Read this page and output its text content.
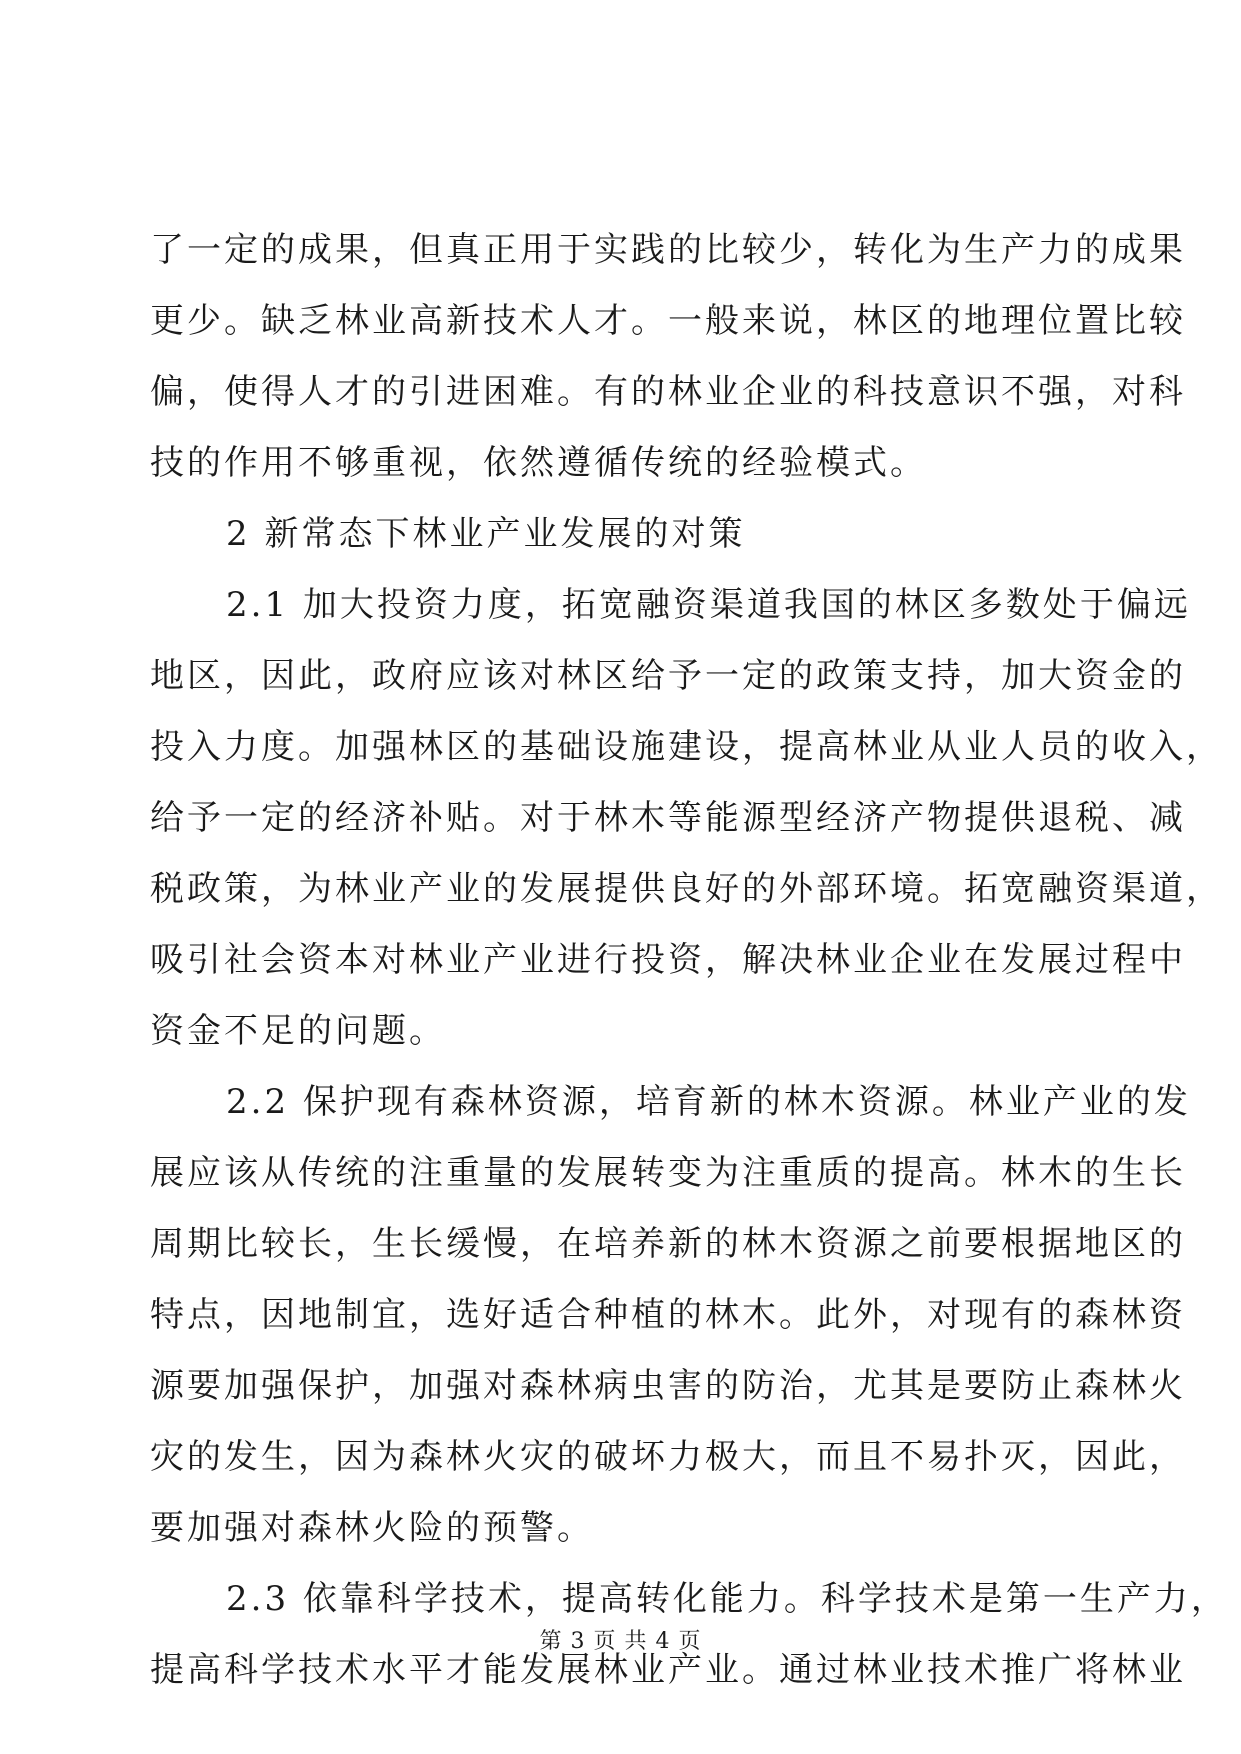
了一定的成果，但真正用于实践的比较少，转化为生产力的成果
更少。缺乏林业高新技术人才。一般来说，林区的地理位置比较
偏，使得人才的引进困难。有的林业企业的科技意识不强，对科
技的作用不够重视，依然遵循传统的经验模式。
2 新常态下林业产业发展的对策
2.1 加大投资力度，拓宽融资渠道我国的林区多数处于偏远
地区，因此，政府应该对林区给予一定的政策支持，加大资金的
投入力度。加强林区的基础设施建设，提高林业从业人员的收入，
给予一定的经济补贴。对于林木等能源型经济产物提供退税、减
税政策，为林业产业的发展提供良好的外部环境。拓宽融资渠道，
吸引社会资本对林业产业进行投资，解决林业企业在发展过程中
资金不足的问题。
2.2 保护现有森林资源，培育新的林木资源。林业产业的发
展应该从传统的注重量的发展转变为注重质的提高。林木的生长
周期比较长，生长缓慢，在培养新的林木资源之前要根据地区的
特点，因地制宜，选好适合种植的林木。此外，对现有的森林资
源要加强保护，加强对森林病虫害的防治，尤其是要防止森林火
灾的发生，因为森林火灾的破坏力极大，而且不易扑灭，因此，
要加强对森林火险的预警。
2.3 依靠科学技术，提高转化能力。科学技术是第一生产力，
提高科学技术水平才能发展林业产业。通过林业技术推广将林业
第 3 页 共 4 页
